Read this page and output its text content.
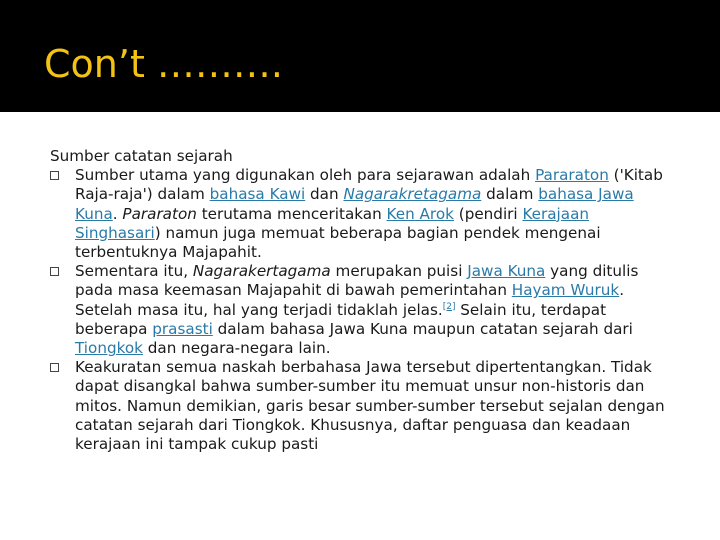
Con’t ……….
Sumber catatan sejarah
Sumber utama yang digunakan oleh para sejarawan adalah Pararaton ('Kitab Raja-raja') dalam bahasa Kawi dan Nagarakretagama dalam bahasa Jawa Kuna. Pararaton terutama menceritakan Ken Arok (pendiri Kerajaan Singhasari) namun juga memuat beberapa bagian pendek mengenai terbentuknya Majapahit.
Sementara itu, Nagarakertagama merupakan puisi Jawa Kuna yang ditulis pada masa keemasan Majapahit di bawah pemerintahan Hayam Wuruk. Setelah masa itu, hal yang terjadi tidaklah jelas.[2] Selain itu, terdapat beberapa prasasti dalam bahasa Jawa Kuna maupun catatan sejarah dari Tiongkok dan negara-negara lain.
Keakuratan semua naskah berbahasa Jawa tersebut dipertentangkan. Tidak dapat disangkal bahwa sumber-sumber itu memuat unsur non-historis dan mitos. Namun demikian, garis besar sumber-sumber tersebut sejalan dengan catatan sejarah dari Tiongkok. Khususnya, daftar penguasa dan keadaan kerajaan ini tampak cukup pasti
